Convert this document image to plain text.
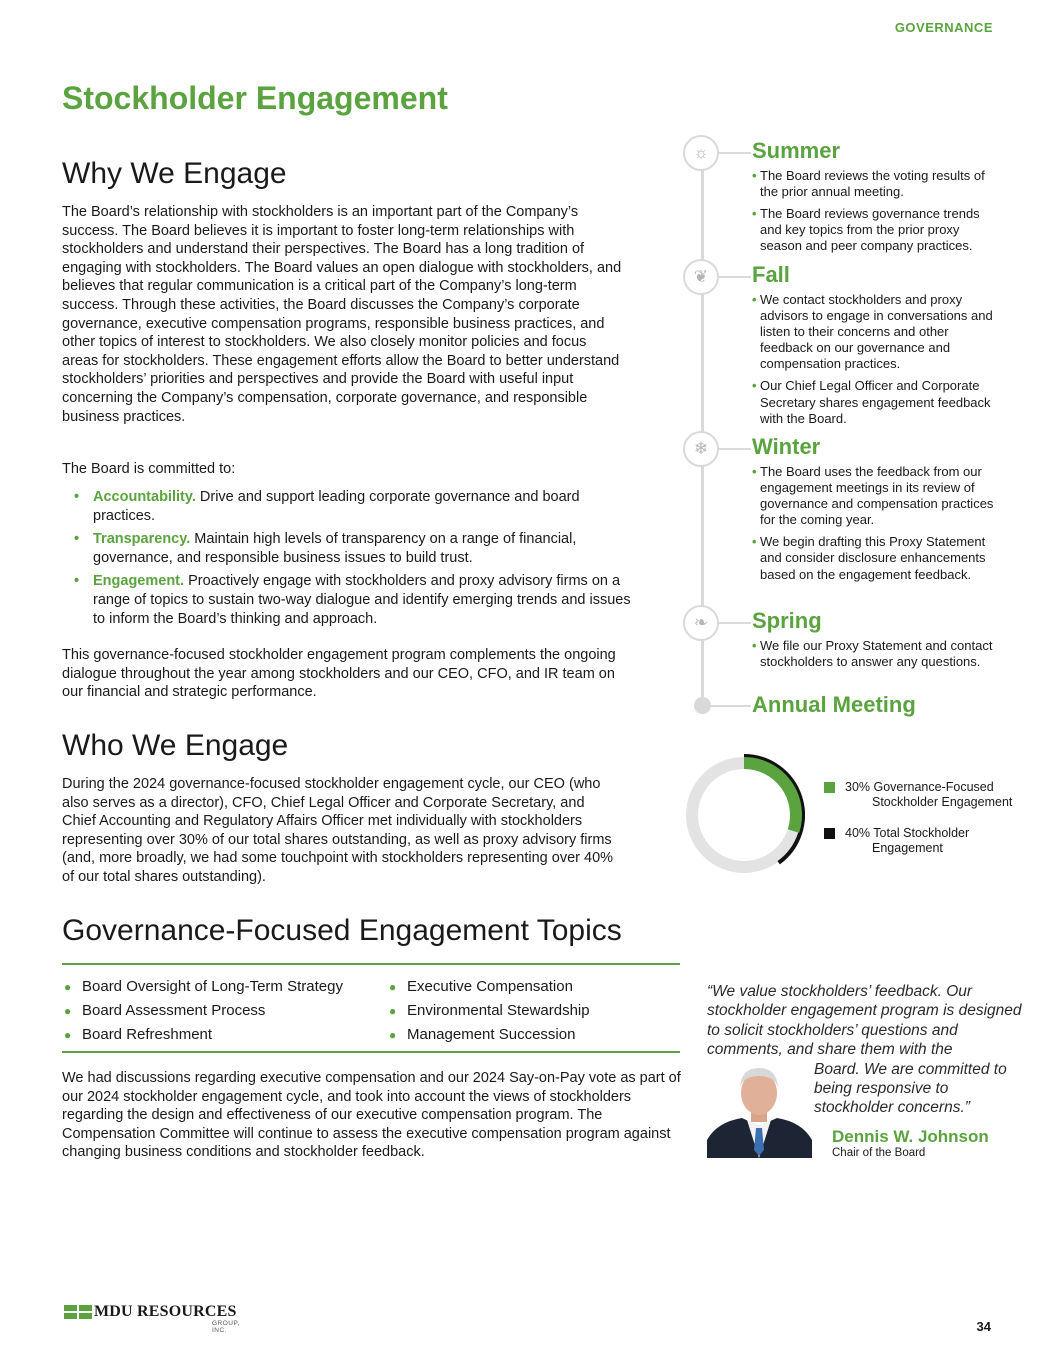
GOVERNANCE
Stockholder Engagement
Why We Engage

The Board’s relationship with stockholders is an important part of the Company’s success. The Board believes it is important to foster long-term relationships with stockholders and understand their perspectives. The Board has a long tradition of engaging with stockholders. The Board values an open dialogue with stockholders, and believes that regular communication is a critical part of the Company’s long-term success. Through these activities, the Board discusses the Company’s corporate governance, executive compensation programs, responsible business practices, and other topics of interest to stockholders. We also closely monitor policies and focus areas for stockholders. These engagement efforts allow the Board to better understand stockholders’ priorities and perspectives and provide the Board with useful input concerning the Company’s compensation, corporate governance, and responsible business practices.

The Board is committed to:

• Accountability. Drive and support leading corporate governance and board practices.
• Transparency. Maintain high levels of transparency on a range of financial, governance, and responsible business issues to build trust.
• Engagement. Proactively engage with stockholders and proxy advisory firms on a range of topics to sustain two-way dialogue and identify emerging trends and issues to inform the Board’s thinking and approach.

This governance-focused stockholder engagement program complements the ongoing dialogue throughout the year among stockholders and our CEO, CFO, and IR team on our financial and strategic performance.

Who We Engage

During the 2024 governance-focused stockholder engagement cycle, our CEO (who also serves as a director), CFO, Chief Legal Officer and Corporate Secretary, and Chief Accounting and Regulatory Affairs Officer met individually with stockholders representing over 30% of our total shares outstanding, as well as proxy advisory firms (and, more broadly, we had some touchpoint with stockholders representing over 40% of our total shares outstanding).

Governance-Focused Engagement Topics
● Board Oversight of Long-Term Strategy
● Board Assessment Process
● Board Refreshment
● Executive Compensation
● Environmental Stewardship
● Management Succession

We had discussions regarding executive compensation and our 2024 Say-on-Pay vote as part of our 2024 stockholder engagement cycle, and took into account the views of stockholders regarding the design and effectiveness of our executive compensation program. The Compensation Committee will continue to assess the executive compensation program against changing business conditions and stockholder feedback.

☼	Summer
• The Board reviews the voting results of the prior annual meeting.
• The Board reviews governance trends and key topics from the prior proxy season and peer company practices.
❦	Fall
• We contact stockholders and proxy advisors to engage in conversations and listen to their concerns and other feedback on our governance and compensation practices.
• Our Chief Legal Officer and Corporate Secretary shares engagement feedback with the Board.
❄	Winter
• The Board uses the feedback from our engagement meetings in its review of governance and compensation practices for the coming year.
• We begin drafting this Proxy Statement and consider disclosure enhancements based on the engagement feedback.
❧	Spring
• We file our Proxy Statement and contact stockholders to answer any questions.
Annual Meeting
30% Governance-Focused
Stockholder Engagement
40% Total Stockholder
Engagement
“We value stockholders’ feedback. Our stockholder engagement program is designed to solicit stockholders’ questions and comments, and share them with the
Board. We are committed to being responsive to stockholder concerns.”
Dennis W. Johnson
Chair of the Board
MDU RESOURCES
GROUP, INC.	34
